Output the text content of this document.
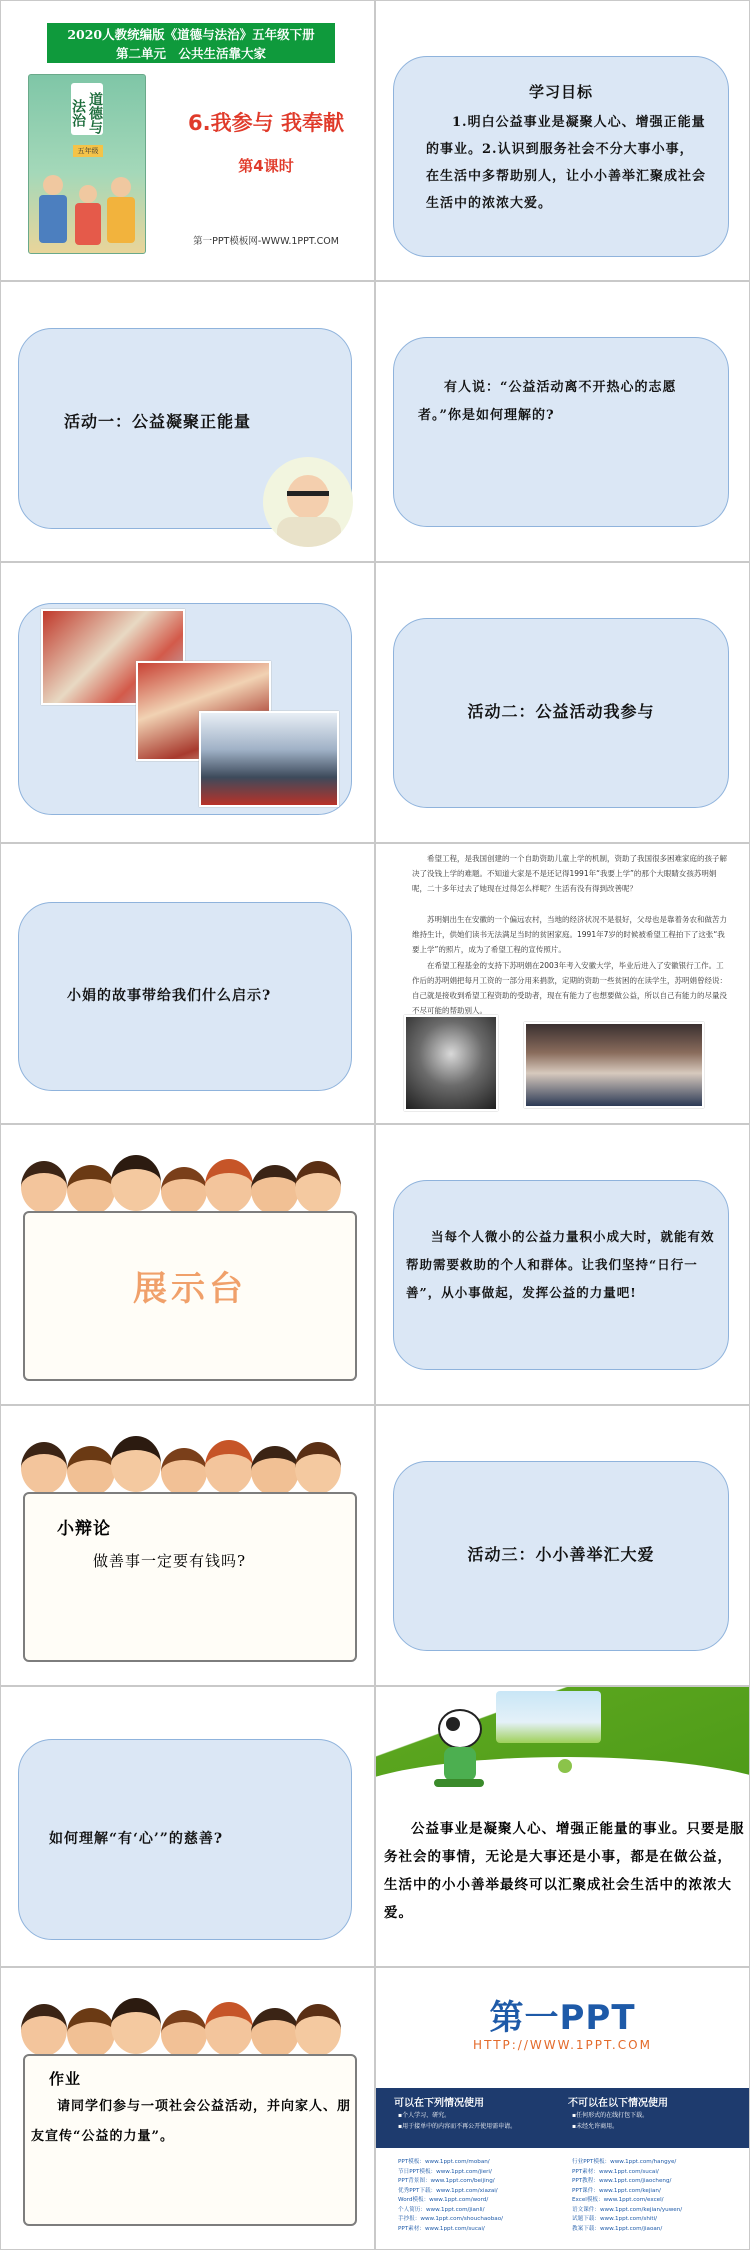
2020人教统编版《道德与法治》五年级下册
第二单元　公共生活靠大家
道德与法治
五年级
6.我参与 我奉献
第4课时
第一PPT模板网-WWW.1PPT.COM
学习目标
1.明白公益事业是凝聚人心、增强正能量的事业。2.认识到服务社会不分大事小事，在生活中多帮助别人，让小小善举汇聚成社会生活中的浓浓大爱。
活动一：公益凝聚正能量
有人说：“公益活动离不开热心的志愿者。”你是如何理解的?
活动二：公益活动我参与
小娟的故事带给我们什么启示?
希望工程，是我国创建的一个自助资助儿童上学的机制，资助了我国很多困难家庭的孩子解决了没钱上学的难题。不知道大家是不是还记得1991年“我要上学”的那个大眼睛女孩苏明娟呢，二十多年过去了她现在过得怎么样呢？生活有没有得到改善呢？
苏明娟出生在安徽的一个偏远农村，当地的经济状况不是很好，父母也是靠着务农和做苦力维持生计，供她们读书无法满足当时的贫困家庭。1991年7岁的时候被希望工程拍下了这张“我要上学”的照片，成为了希望工程的宣传照片。
在希望工程基金的支持下苏明娟在2003年考入安徽大学，毕业后进入了安徽银行工作。工作后的苏明娟把每月工资的一部分用来捐款，定期的资助一些贫困的在读学生，苏明娟曾经说：自己就是接收到希望工程资助的受助者，现在有能力了也想要做公益，所以自己有能力的尽量没不尽可能的帮助别人。
展示台
当每个人微小的公益力量积小成大时，就能有效帮助需要救助的个人和群体。让我们坚持“日行一善”，从小事做起，发挥公益的力量吧!
小辩论
做善事一定要有钱吗?	活动三：小小善举汇大爱
如何理解“有‘心’”的慈善?
公益事业是凝聚人心、增强正能量的事业。只要是服务社会的事情，无论是大事还是小事，都是在做公益，生活中的小小善举最终可以汇聚成社会生活中的浓浓大爱。
作业
请同学们参与一项社会公益活动，并向家人、朋友宣传“公益的力量”。
第一PPT
HTTP://WWW.1PPT.COM
可以在下列情况使用
▪个人学习、研究。
▪用于接单中的内容而不再公开使用需申请。
不可以在以下情况使用
▪任何形式的在线打包下载。
▪未经允许商用。
PPT模板：www.1ppt.com/moban/
节日PPT模板：www.1ppt.com/jieri/
PPT背景图：www.1ppt.com/beijing/
优秀PPT下载：www.1ppt.com/xiazai/
Word模板：www.1ppt.com/word/
个人简历：www.1ppt.com/jianli/
手抄报：www.1ppt.com/shouchaobao/
PPT素材：www.1ppt.com/sucai/
行业PPT模板：www.1ppt.com/hangye/
PPT素材：www.1ppt.com/sucai/
PPT教程：www.1ppt.com/jiaocheng/
PPT课件：www.1ppt.com/kejian/
Excel模板：www.1ppt.com/excel/
语文课件：www.1ppt.com/kejian/yuwen/
试题下载：www.1ppt.com/shiti/
教案下载：www.1ppt.com/jiaoan/
